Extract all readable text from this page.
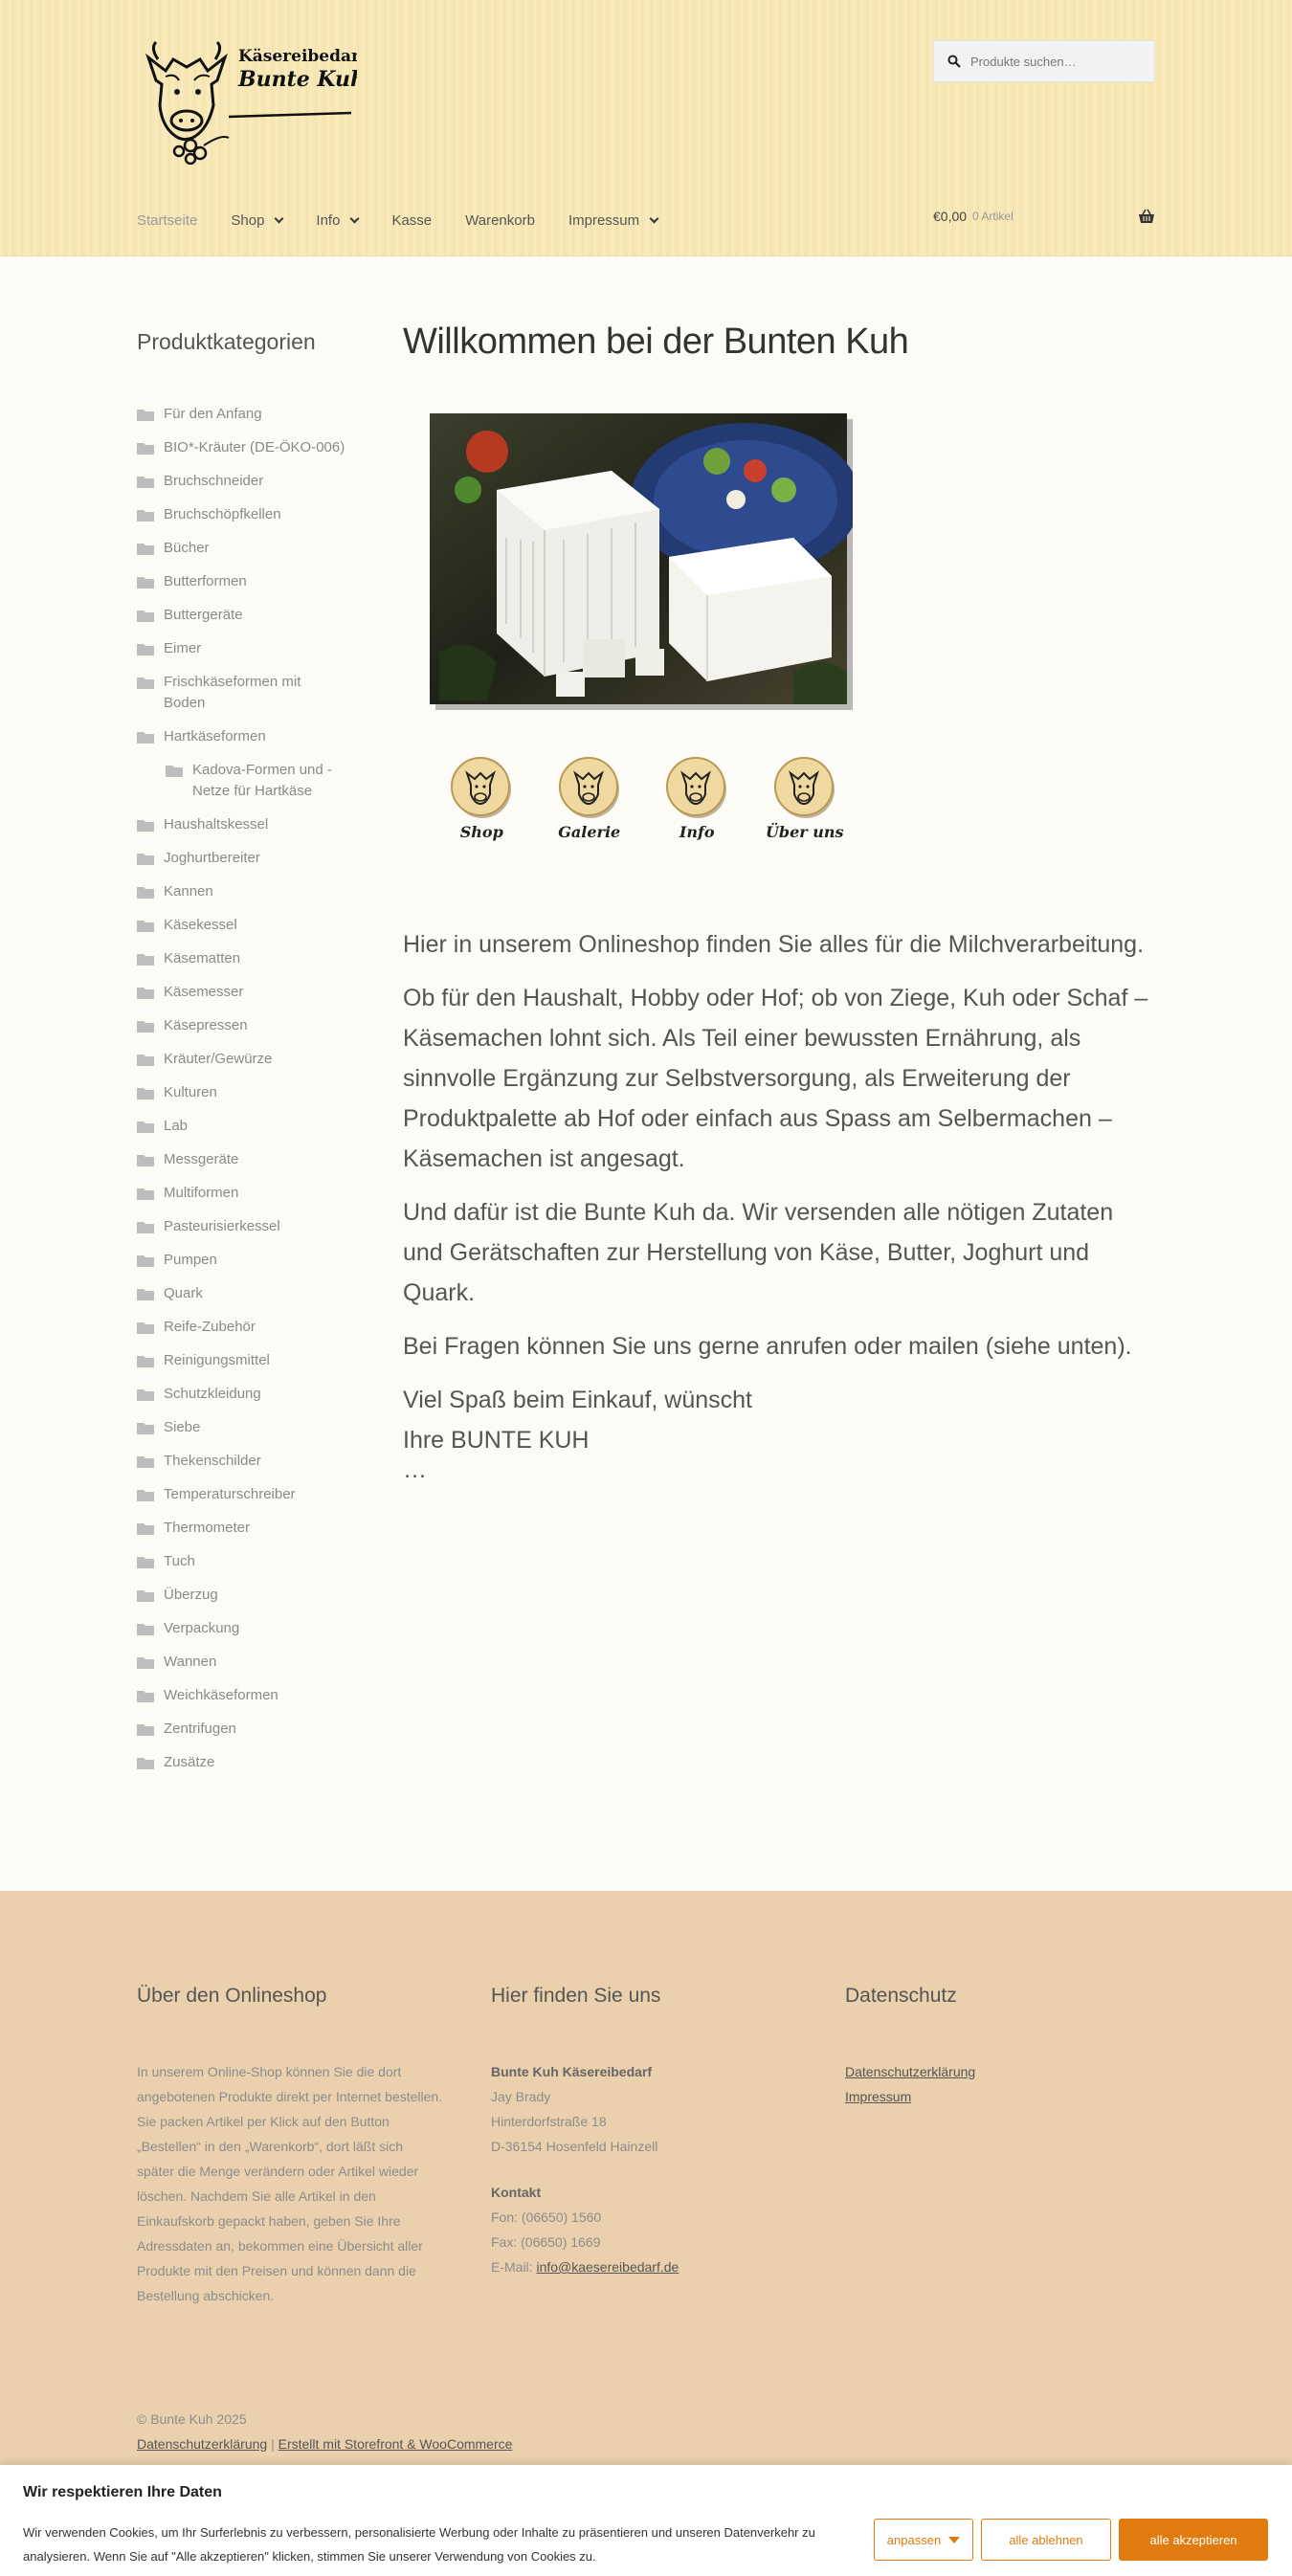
Käsereibedarf
Bunte Kuh
Produkte suchen…
Startseite Shop	Info	Kasse Warenkorb Impressum	€0,00 0 Artikel
Produktkategorien
Für den Anfang
BIO*-Kräuter (DE-ÖKO-006)
Bruchschneider
Bruchschöpfkellen
Bücher
Butterformen
Buttergeräte
Eimer
Frischkäseformen mit Boden
Hartkäseformen
Kadova-Formen und -Netze für Hartkäse
Haushaltskessel
Joghurtbereiter
Kannen
Käsekessel
Käsematten
Käsemesser
Käsepressen
Kräuter/Gewürze
Kulturen
Lab
Messgeräte
Multiformen
Pasteurisierkessel
Pumpen
Quark
Reife-Zubehör
Reinigungsmittel
Schutzkleidung
Siebe
Thekenschilder
Temperaturschreiber
Thermometer
Tuch
Überzug
Verpackung
Wannen
Weichkäseformen
Zentrifugen
Zusätze
Willkommen bei der Bunten Kuh
Shop	Galerie	Info	Über uns

Hier in unserem Onlineshop finden Sie alles für die Milchverarbeitung.

Ob für den Haushalt, Hobby oder Hof; ob von Ziege, Kuh oder Schaf – Käsemachen lohnt sich. Als Teil einer bewussten Ernährung, als sinnvolle Ergänzung zur Selbstversorgung, als Erweiterung der Produktpalette ab Hof oder einfach aus Spass am Selbermachen – Käsemachen ist angesagt.

Und dafür ist die Bunte Kuh da. Wir versenden alle nötigen Zutaten und Gerätschaften zur Herstellung von Käse, Butter, Joghurt und Quark.

Bei Fragen können Sie uns gerne anrufen oder mailen (siehe unten).

Viel Spaß beim Einkauf, wünscht
Ihre BUNTE KUH
…
Über den Onlineshop
In unserem Online-Shop können Sie die dort angebotenen Produkte direkt per Internet bestellen. Sie packen Artikel per Klick auf den Button „Bestellen“ in den „Warenkorb“, dort läßt sich später die Menge verändern oder Artikel wieder löschen. Nachdem Sie alle Artikel in den Einkaufskorb gepackt haben, geben Sie Ihre Adressdaten an, bekommen eine Übersicht aller Produkte mit den Preisen und können dann die Bestellung abschicken.
Hier finden Sie uns
Bunte Kuh Käsereibedarf
Jay Brady
Hinterdorfstraße 18
D-36154 Hosenfeld Hainzell
Kontakt
Fon: (06650) 1560
Fax: (06650) 1669
E-Mail: info@kaesereibedarf.de
Datenschutz
Datenschutzerklärung
Impressum
© Bunte Kuh 2025
Datenschutzerklärung | Erstellt mit Storefront & WooCommerce
Wir respektieren Ihre Daten

Wir verwenden Cookies, um Ihr Surferlebnis zu verbessern, personalisierte Werbung oder Inhalte zu präsentieren und unseren Datenverkehr zu analysieren. Wenn Sie auf "Alle akzeptieren" klicken, stimmen Sie unserer Verwendung von Cookies zu.

anpassen	alle ablehnen	alle akzeptieren
